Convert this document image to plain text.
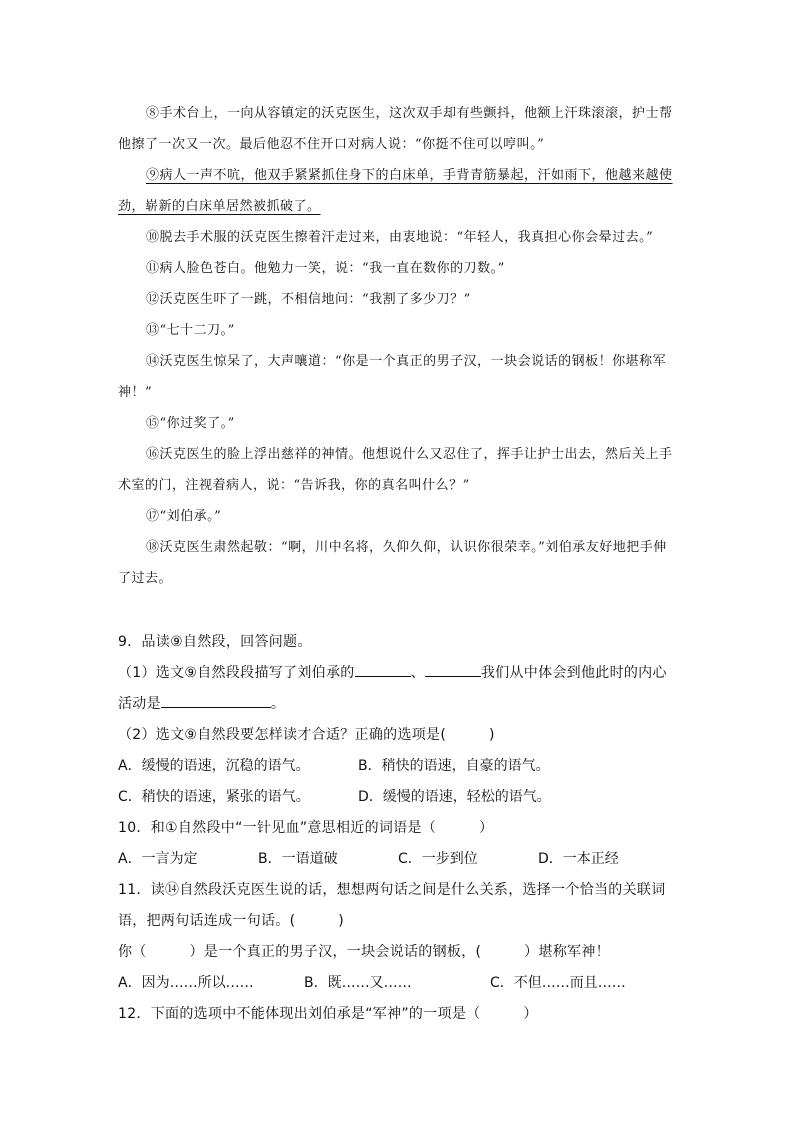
⑧手术台上，一向从容镇定的沃克医生，这次双手却有些颤抖，他额上汗珠滚滚，护士帮他擦了一次又一次。最后他忍不住开口对病人说：“你挺不住可以哼叫。”

⑨病人一声不吭，他双手紧紧抓住身下的白床单，手背青筋暴起，汗如雨下，他越来越使劲，崭新的白床单居然被抓破了。

⑩脱去手术服的沃克医生擦着汗走过来，由衷地说：“年轻人，我真担心你会晕过去。”

⑪病人脸色苍白。他勉力一笑，说：“我一直在数你的刀数。”

⑫沃克医生吓了一跳，不相信地问：“我割了多少刀？”

⑬“七十二刀。”

⑭沃克医生惊呆了，大声嚷道：“你是一个真正的男子汉，一块会说话的钢板！你堪称军神！”

⑮“你过奖了。”

⑯沃克医生的脸上浮出慈祥的神情。他想说什么又忍住了，挥手让护士出去，然后关上手术室的门，注视着病人，说：“告诉我，你的真名叫什么？”

⑰“刘伯承。”

⑱沃克医生肃然起敬：“啊，川中名将，久仰久仰，认识你很荣幸。”刘伯承友好地把手伸了过去。

9．品读⑨自然段，回答问题。

（1）选文⑨自然段段描写了刘伯承的	、	我们从中体会到他此时的内心

活动是	。

（2）选文⑨自然段要怎样读才合适？正确的选项是(　　　)

A．缓慢的语速，沉稳的语气。	B．稍快的语速，自豪的语气。
C．稍快的语速，紧张的语气。	D．缓慢的语速，轻松的语气。

10．和①自然段中“一针见血”意思相近的词语是（　　　）

A．一言为定	B．一语道破	C．一步到位	D．一本正经

11．读⑭自然段沃克医生说的话，想想两句话之间是什么关系，选择一个恰当的关联词语，把两句话连成一句话。(　　　)

你（　　　）是一个真正的男子汉，一块会说话的钢板，(　　　）堪称军神！

A．因为……所以……	B．既……又……	C．不但……而且……

12．下面的选项中不能体现出刘伯承是“军神”的一项是（　　　）
